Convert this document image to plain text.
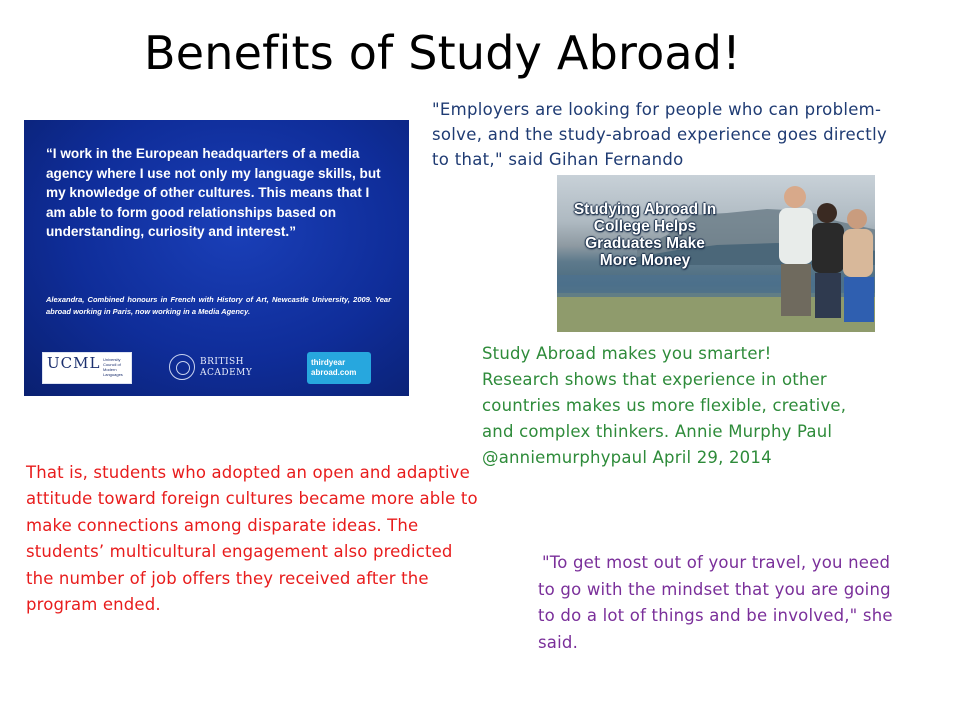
Benefits of Study Abroad!
“I work in the European headquarters of a media agency where I use not only my language skills, but my knowledge of other cultures. This means that I am able to form good relationships based on understanding, curiosity and interest.”
Alexandra, Combined honours in French with History of Art, Newcastle University, 2009. Year abroad working in Paris, now working in a Media Agency.
UCML University Council of Modern Languages
BRITISH ACADEMY
thirdyear
abroad.com
"Employers are looking for people who can problem-solve, and the study-abroad experience goes directly to that," said Gihan Fernando
Studying Abroad In College Helps Graduates Make More Money
Study Abroad makes you smarter! Research shows that experience in other countries makes us more flexible, creative, and complex thinkers. Annie Murphy Paul @anniemurphypaul April 29, 2014
That is, students who adopted an open and adaptive attitude toward foreign cultures became more able to make connections among disparate ideas. The students’ multicultural engagement also predicted the number of job offers they received after the program ended.
"To get most out of your travel, you need to go with the mindset that you are going to do a lot of things and be involved," she said.
